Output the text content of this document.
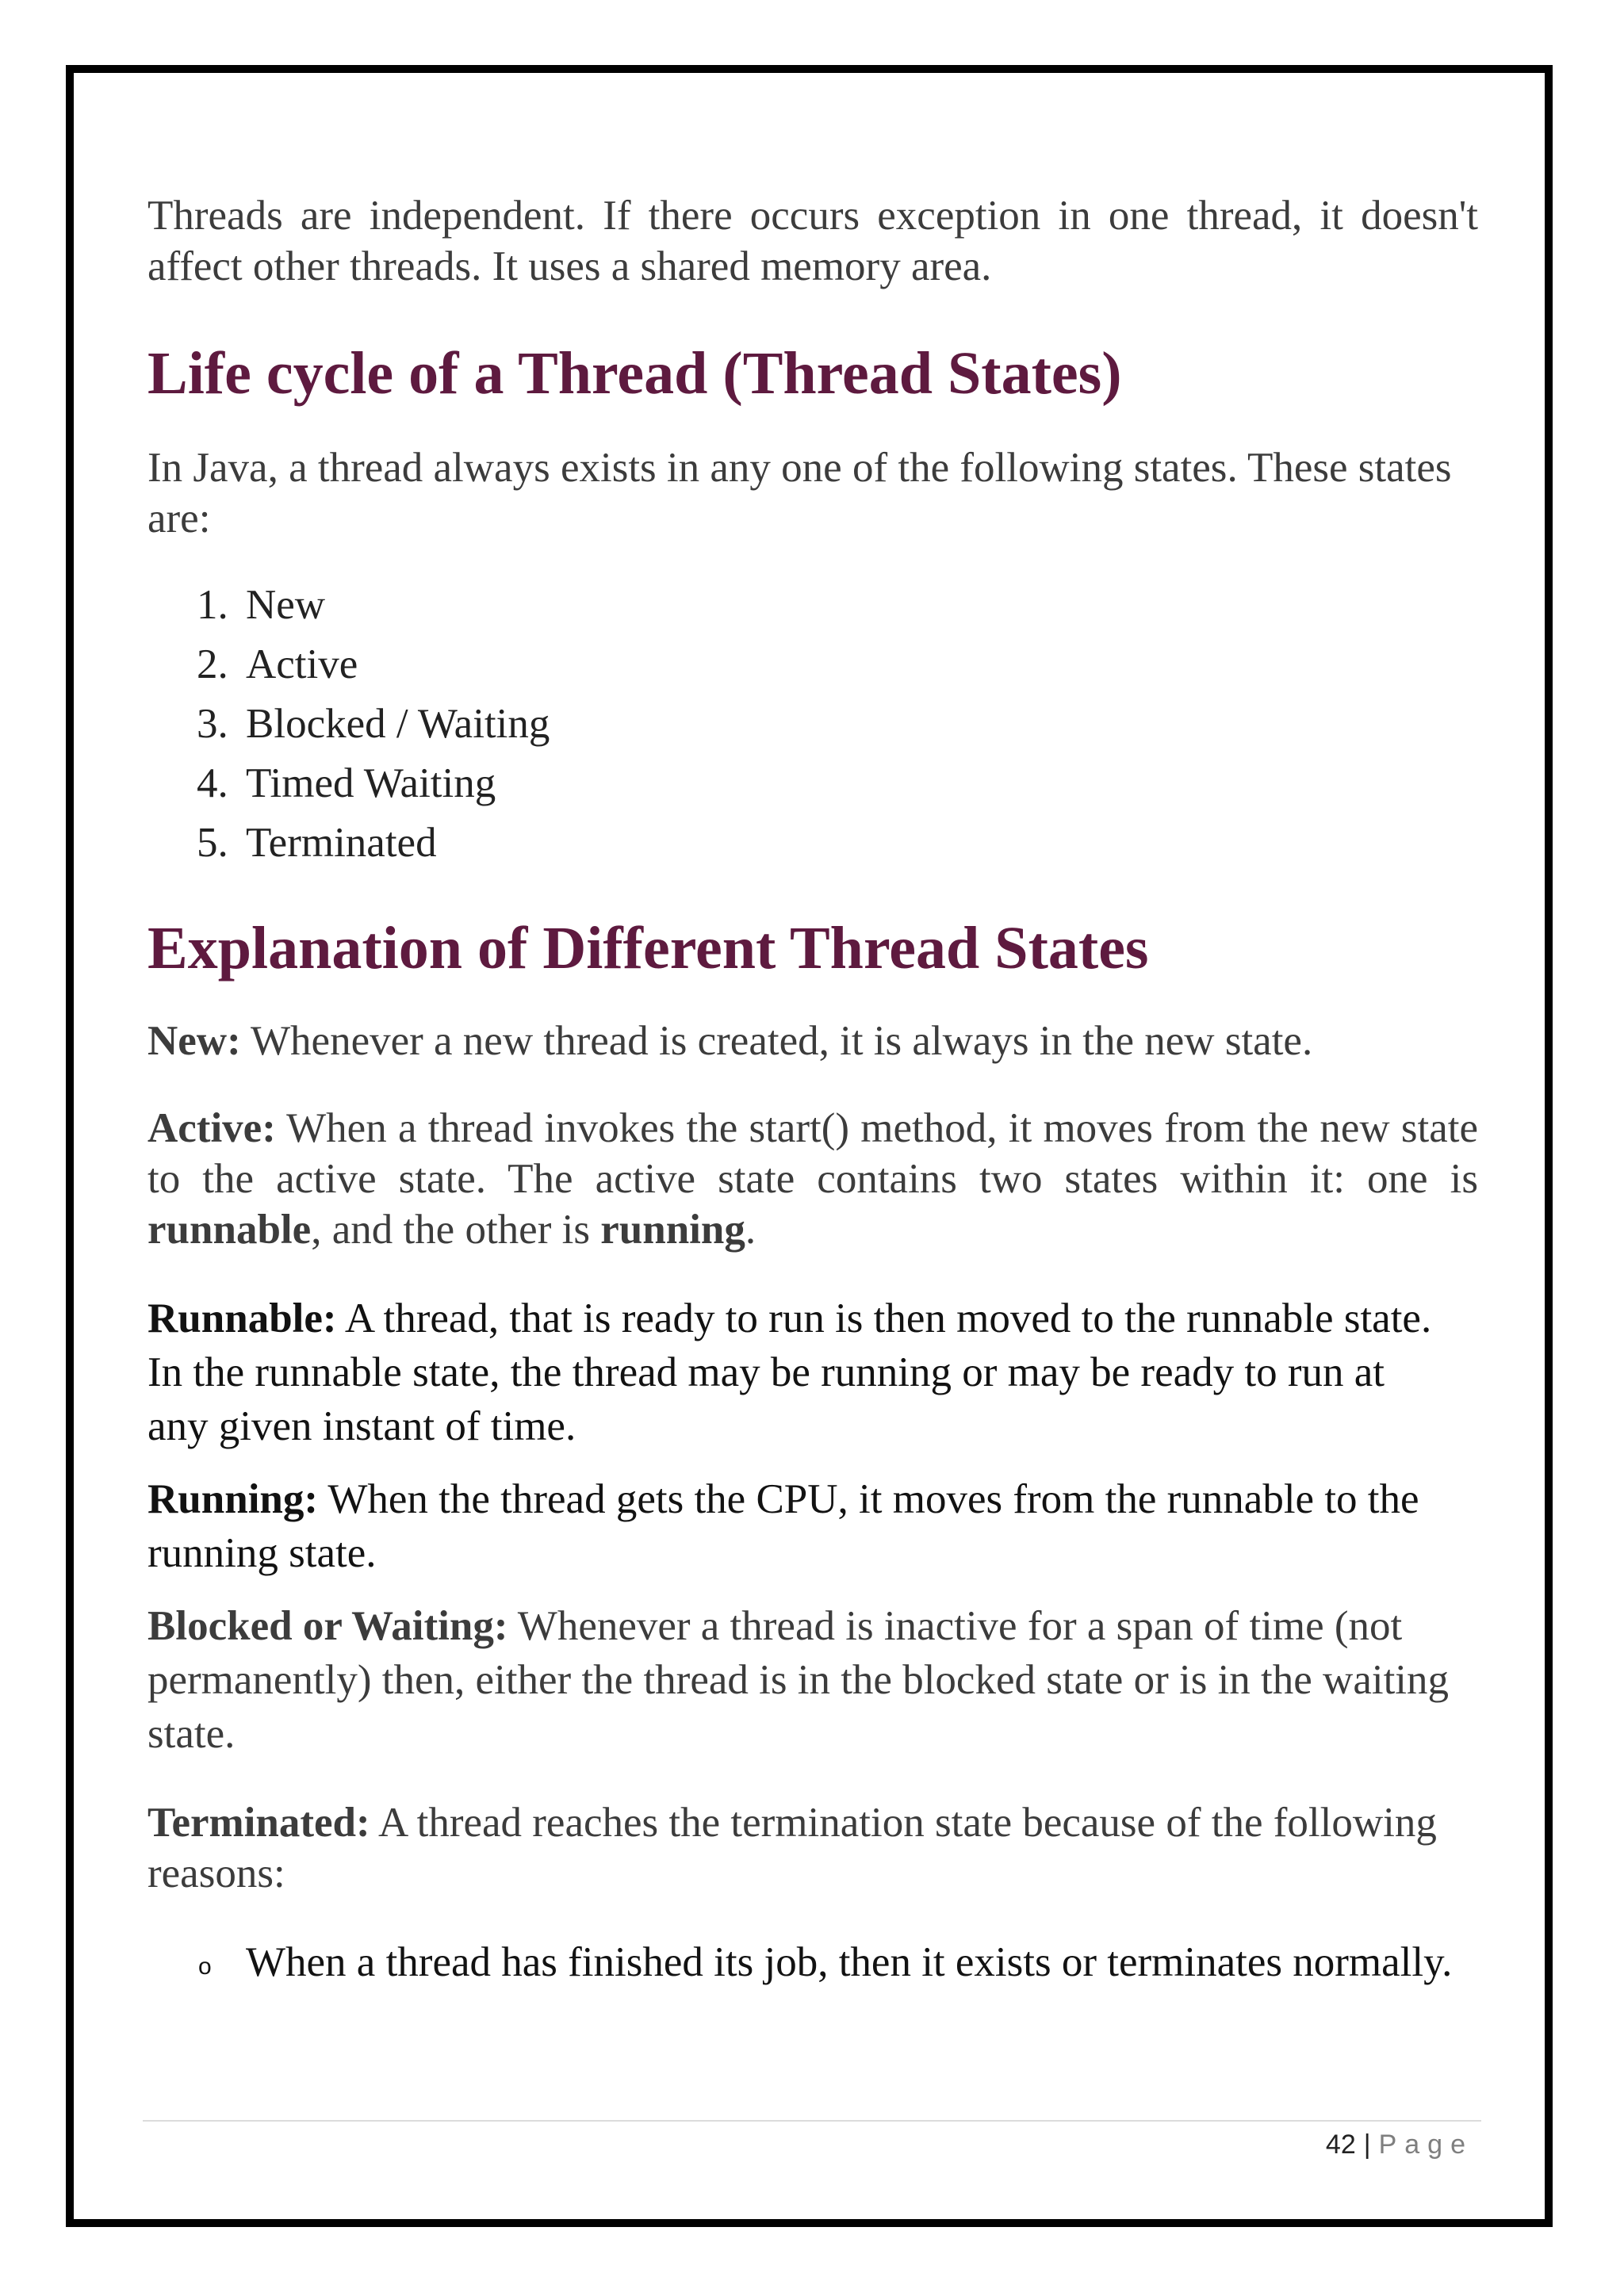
Threads are independent. If there occurs exception in one thread, it doesn't affect other threads. It uses a shared memory area.

Life cycle of a Thread (Thread States)

In Java, a thread always exists in any one of the following states. These states are:

1. New
2. Active
3. Blocked / Waiting
4. Timed Waiting
5. Terminated
Explanation of Different Thread States

New: Whenever a new thread is created, it is always in the new state.

Active: When a thread invokes the start() method, it moves from the new state to the active state. The active state contains two states within it: one is runnable, and the other is running.

Runnable: A thread, that is ready to run is then moved to the runnable state. In the runnable state, the thread may be running or may be ready to run at any given instant of time.

Running: When the thread gets the CPU, it moves from the runnable to the running state.

Blocked or Waiting: Whenever a thread is inactive for a span of time (not permanently) then, either the thread is in the blocked state or is in the waiting state.

Terminated: A thread reaches the termination state because of the following reasons:

o When a thread has finished its job, then it exists or terminates normally.
42 | Page
